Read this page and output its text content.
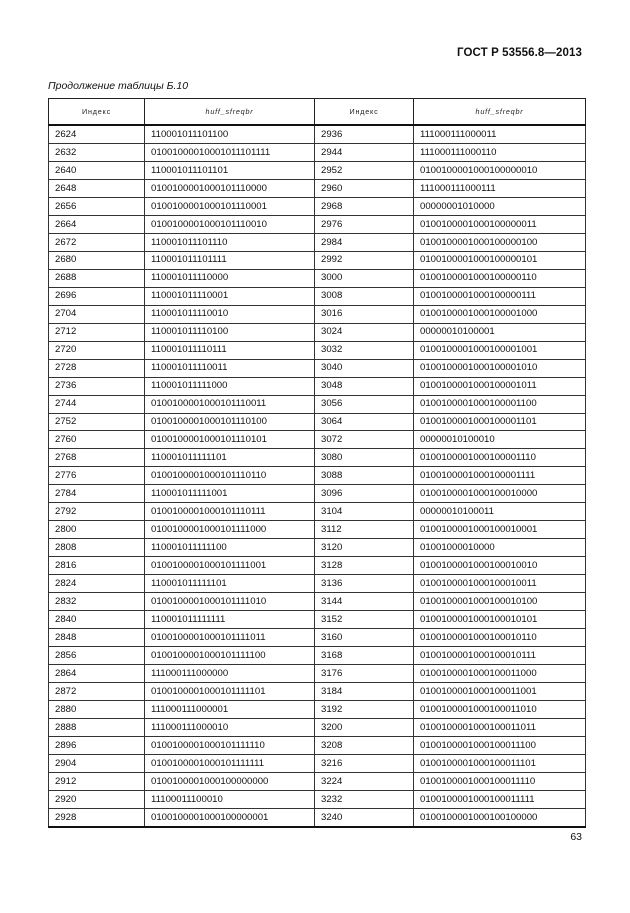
ГОСТ Р 53556.8—2013
Продолжение таблицы Б.10
Индекс	huff_sfreqbr	Индекс	huff_sfreqbr
2624	110001011101100	2936	111000111000011
2632	0100100001000101110111​1	2944	111000111000110
2640	110001011101101	2952	0100100001000100000010
2648	0100100001000101110000	2960	111000111000111
2656	0100100001000101110001	2968	00000001010000
2664	0100100001000101110010	2976	0100100001000100000011
2672	110001011101110	2984	0100100001000100000100
2680	110001011101111	2992	0100100001000100000101
2688	110001011110000	3000	0100100001000100000110
2696	110001011110001	3008	0100100001000100000111
2704	110001011110010	3016	0100100001000100001000
2712	110001011110100	3024	00000010100001
2720	110001011110111	3032	0100100001000100001001
2728	110001011110011	3040	0100100001000100001010
2736	110001011111000	3048	0100100001000100001011
2744	0100100001000101110011	3056	0100100001000100001100
2752	0100100001000101110100	3064	0100100001000100001101
2760	0100100001000101110101	3072	00000010100010
2768	110001011111101	3080	0100100001000100001110
2776	0100100001000101110110	3088	0100100001000100001111
2784	110001011111001	3096	0100100001000100010000
2792	0100100001000101110111	3104	00000010100011
2800	0100100001000101111000	3112	0100100001000100010001
2808	110001011111100	3120	01001000010000
2816	0100100001000101111001	3128	0100100001000100010010
2824	110001011111101	3136	0100100001000100010011
2832	0100100001000101111010	3144	0100100001000100010100
2840	110001011111111	3152	0100100001000100010101
2848	0100100001000101111011	3160	0100100001000100010110
2856	0100100001000101111100	3168	0100100001000100010111
2864	111000111000000	3176	0100100001000100011000
2872	0100100001000101111101	3184	0100100001000100011001
2880	111000111000001	3192	0100100001000100011010
2888	111000111000010	3200	0100100001000100011011
2896	0100100001000101111110	3208	0100100001000100011100
2904	0100100001000101111111	3216	0100100001000100011101
2912	0100100001000100000000	3224	0100100001000100011110
2920	11100011100010	3232	0100100001000100011111
2928	0100100001000100000001	3240	0100100001000100100000
63
